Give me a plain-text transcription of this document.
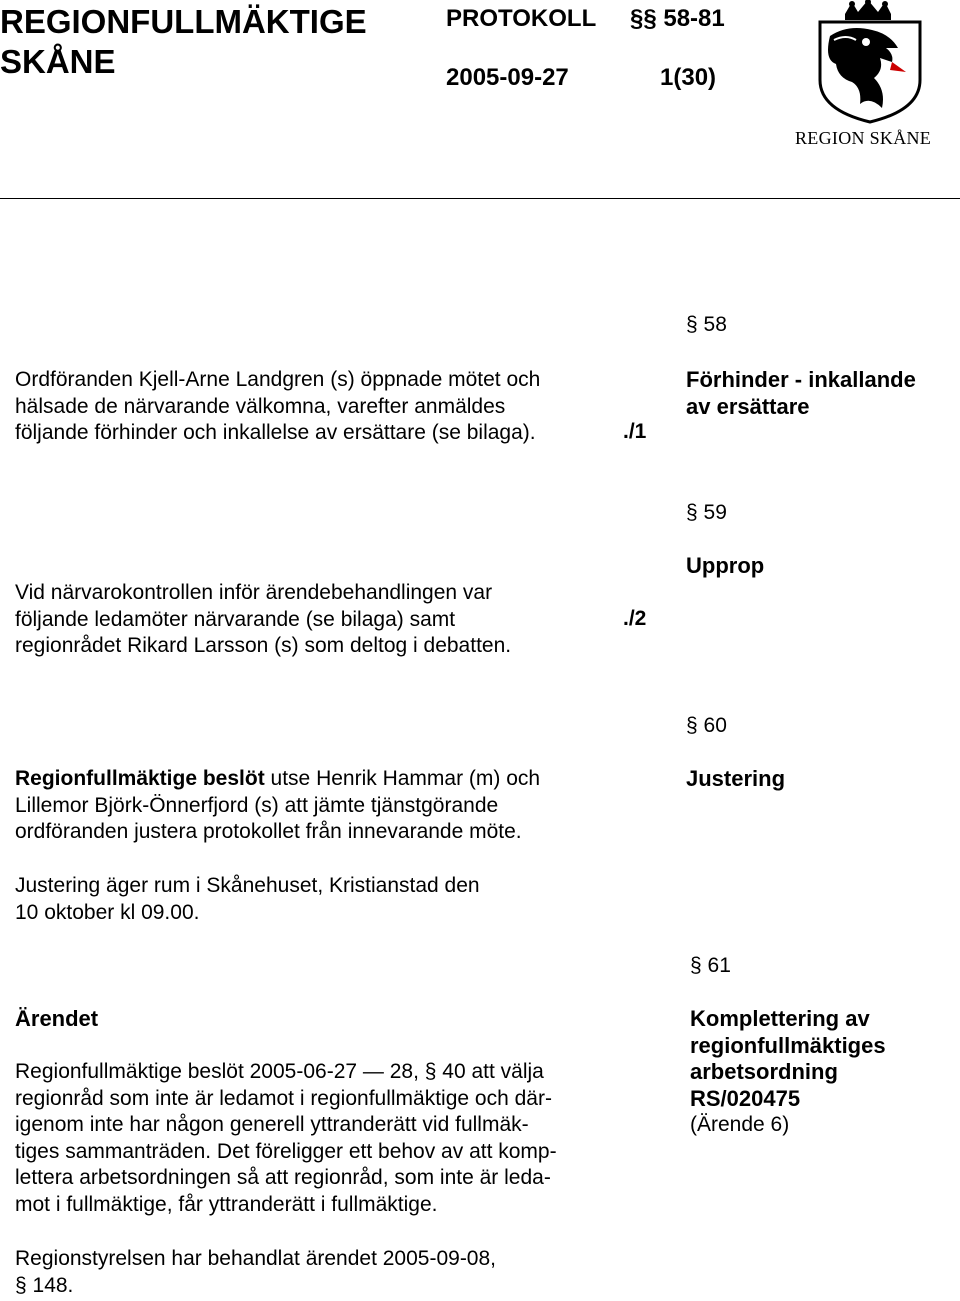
REGIONFULLMÄKTIGE
SKÅNE
PROTOKOLL §§ 58-81
2005-09-27	1(30)
REGION SKÅNE
§ 58
Förhinder - inkallande
av ersättare
Ordföranden Kjell-Arne Landgren (s) öppnade mötet och
hälsade de närvarande välkomna, varefter anmäldes
följande förhinder och inkallelse av ersättare (se bilaga).	./1
§ 59
Upprop
Vid närvarokontrollen inför ärendebehandlingen var
följande ledamöter närvarande (se bilaga) samt
regionrådet Rikard Larsson (s) som deltog i debatten.
./2
§ 60
Justering
Regionfullmäktige beslöt utse Henrik Hammar (m) och
Lillemor Björk-Önnerfjord (s) att jämte tjänstgörande
ordföranden justera protokollet från innevarande möte.
Justering äger rum i Skånehuset, Kristianstad den
10 oktober kl 09.00.
§ 61
Komplettering av
regionfullmäktiges
arbetsordning
RS/020475
(Ärende 6)
Ärendet
Regionfullmäktige beslöt 2005-06-27 — 28, § 40 att välja
regionråd som inte är ledamot i regionfullmäktige och där-
igenom inte har någon generell yttranderätt vid fullmäk-
tiges sammanträden. Det föreligger ett behov av att komp-
lettera arbetsordningen så att regionråd, som inte är leda-
mot i fullmäktige, får yttranderätt i fullmäktige.
Regionstyrelsen har behandlat ärendet 2005-09-08,
§ 148.
